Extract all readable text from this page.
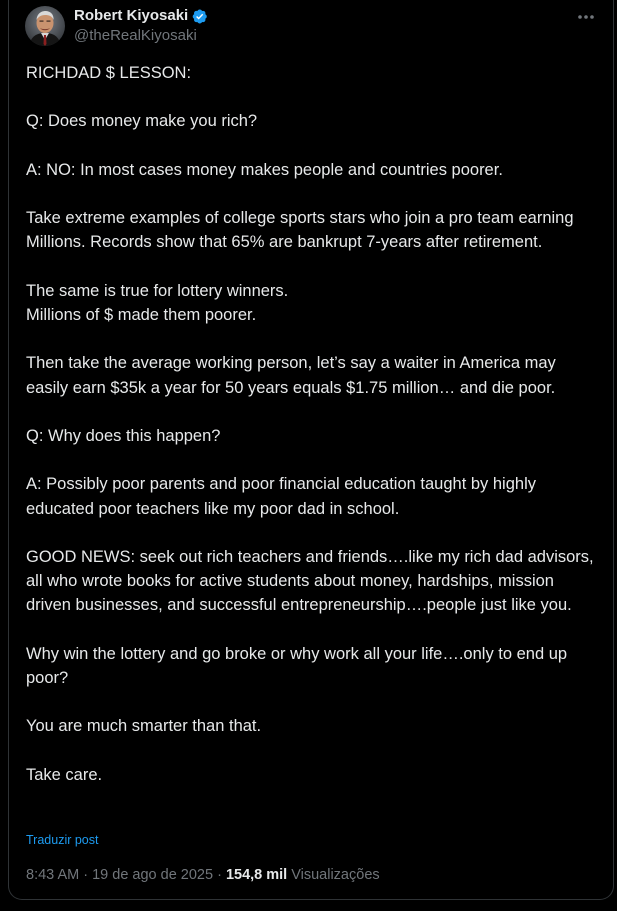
Robert Kiyosaki
@theRealKiyosaki

RICHDAD $ LESSON:

Q: Does money make you rich?

A: NO: In most cases money makes people and countries poorer.

Take extreme examples of college sports stars who join a pro team earning Millions. Records show that 65% are bankrupt 7-years after retirement.

The same is true for lottery winners.
Millions of $ made them poorer.

Then take the average working person, let’s say a waiter in America may easily earn $35k a year for 50 years equals $1.75 million… and die poor.

Q: Why does this happen?

A: Possibly poor parents and poor financial education taught by highly educated poor teachers like my poor dad in school.

GOOD NEWS: seek out rich teachers and friends….like my rich dad advisors, all who wrote books for active students about money, hardships, mission driven businesses, and successful entrepreneurship….people just like you.

Why win the lottery and go broke or why work all your life….only to end up poor?

You are much smarter than that.

Take care.

Traduzir post
8:43 AM · 19 de ago de 2025 · 154,8 mil Visualizações
